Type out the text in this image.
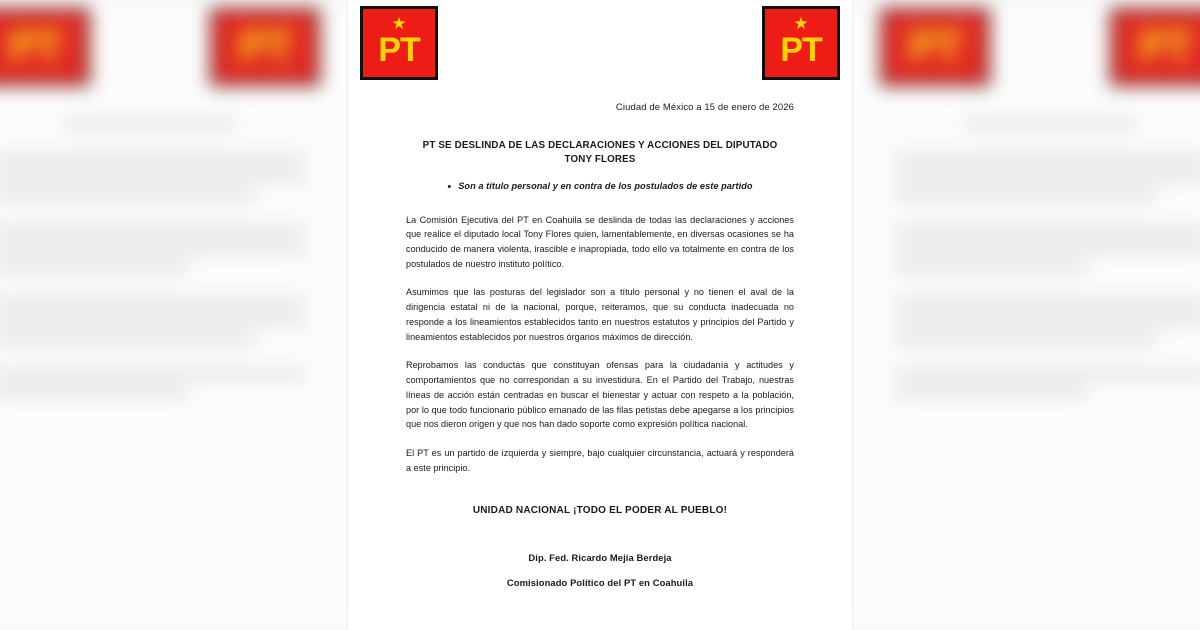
PT	PT	PT	PT
★
PT
★
PT
Ciudad de México a 15 de enero de 2026
PT SE DESLINDA DE LAS DECLARACIONES Y ACCIONES DEL DIPUTADO
TONY FLORES
• Son a título personal y en contra de los postulados de este partido

La Comisión Ejecutiva del PT en Coahuila se deslinda de todas las declaraciones y acciones que realice el diputado local Tony Flores quien, lamentablemente, en diversas ocasiones se ha conducido de manera violenta, irascible e inapropiada, todo ello va totalmente en contra de los postulados de nuestro instituto político.

Asumimos que las posturas del legislador son a título personal y no tienen el aval de la dirigencia estatal ni de la nacional, porque, reiteramos, que su conducta inadecuada no responde a los lineamientos establecidos tanto en nuestros estatutos y principios del Partido y lineamientos establecidos por nuestros órganos máximos de dirección.

Reprobamos las conductas que constituyan ofensas para la ciudadanía y actitudes y comportamientos que no correspondan a su investidura. En el Partido del Trabajo, nuestras líneas de acción están centradas en buscar el bienestar y actuar con respeto a la población, por lo que todo funcionario público emanado de las filas petistas debe apegarse a los principios que nos dieron origen y que nos han dado soporte como expresión política nacional.

El PT es un partido de izquierda y siempre, bajo cualquier circunstancia, actuará y responderá a este principio.

UNIDAD NACIONAL ¡TODO EL PODER AL PUEBLO!
Dip. Fed. Ricardo Mejía Berdeja
Comisionado Político del PT en Coahuila
